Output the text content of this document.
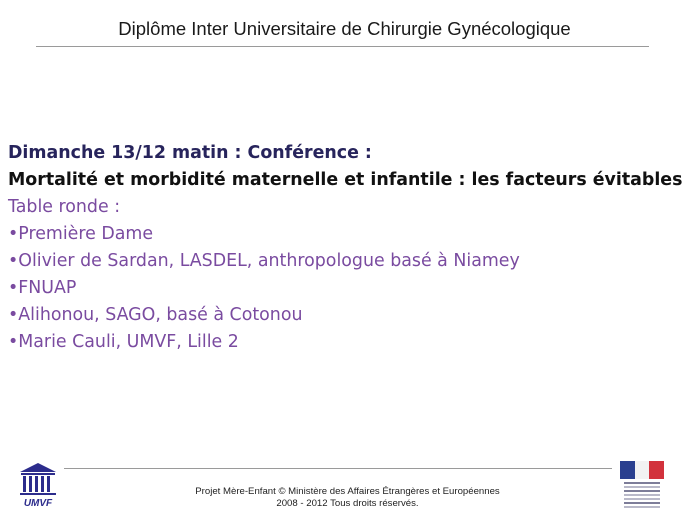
Diplôme Inter Universitaire de Chirurgie Gynécologique
Dimanche 13/12 matin : Conférence :
Mortalité et morbidité maternelle et infantile : les facteurs évitables
Table ronde :
•Première Dame
•Olivier de Sardan, LASDEL, anthropologue basé à Niamey
•FNUAP
•Alihonou, SAGO, basé à Cotonou
•Marie Cauli, UMVF, Lille 2
UMVF
Projet Mère-Enfant © Ministère des Affaires Étrangères et Européennes
2008 - 2012 Tous droits réservés.
